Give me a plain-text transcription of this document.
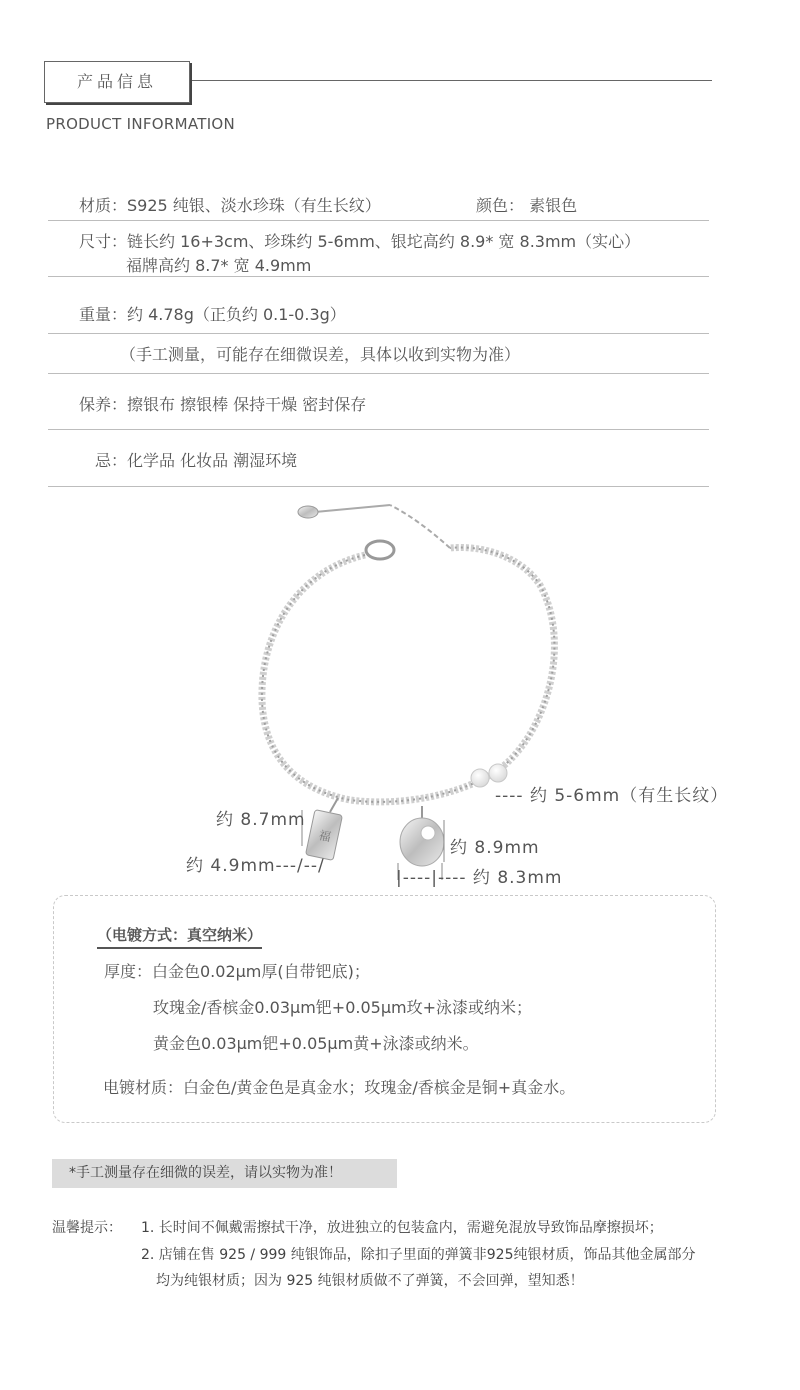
产品信息
PRODUCT INFORMATION
材质：S925 纯银、淡水珍珠（有生长纹）	颜色： 素银色
尺寸：链长约 16+3cm、珍珠约 5-6mm、银坨高约 8.9* 宽 8.3mm（实心）
福牌高约 8.7* 宽 4.9mm
重量：约 4.78g（正负约 0.1-0.3g）
（手工测量，可能存在细微误差，具体以收到实物为准）
保养：擦银布 擦银棒 保持干燥 密封保存
忌：化学品 化妆品 潮湿环境
福
---- 约 5-6mm（有生长纹）
约 8.7mm
约 4.9mm---/--/
约 8.9mm
|----|---- 约 8.3mm
（电镀方式：真空纳米）
厚度：白金色0.02μm厚(自带钯底)；
玫瑰金/香槟金0.03μm钯+0.05μm玫+泳漆或纳米；
黄金色0.03μm钯+0.05μm黄+泳漆或纳米。
电镀材质：白金色/黄金色是真金水；玫瑰金/香槟金是铜+真金水。
*手工测量存在细微的误差，请以实物为准！
温馨提示： 1. 长时间不佩戴需擦拭干净，放进独立的包装盒内，需避免混放导致饰品摩擦损坏；
2. 店铺在售 925 / 999 纯银饰品，除扣子里面的弹簧非925纯银材质，饰品其他金属部分
均为纯银材质；因为 925 纯银材质做不了弹簧，不会回弹，望知悉！
